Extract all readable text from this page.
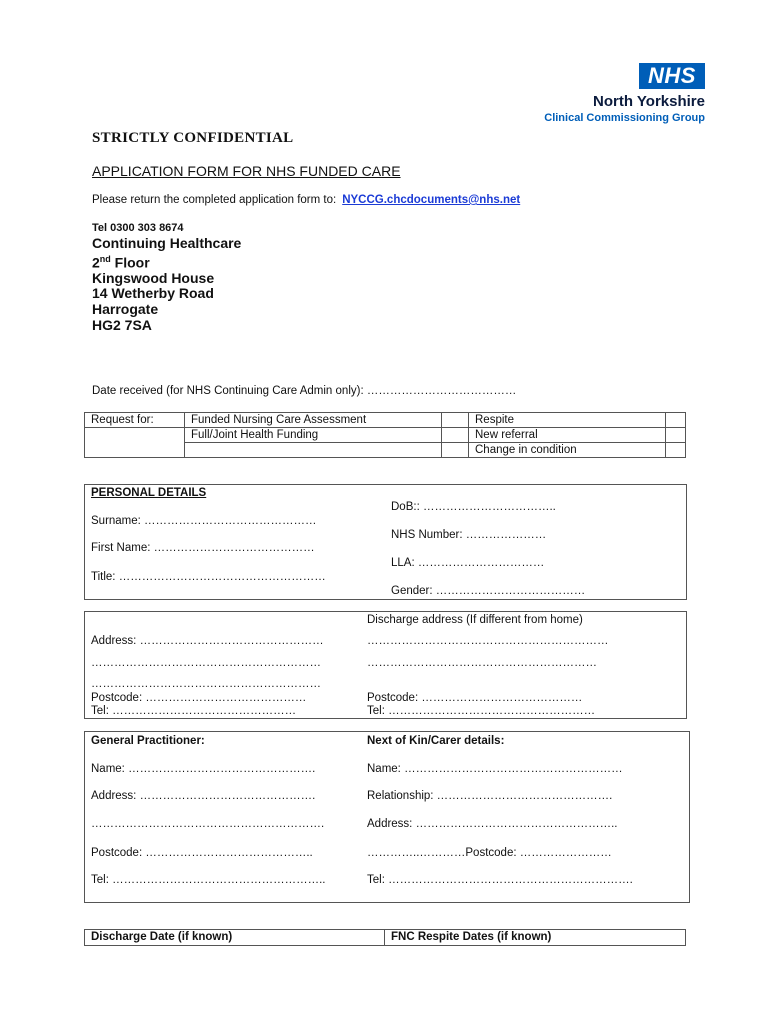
NHS
North Yorkshire
Clinical Commissioning Group
STRICTLY CONFIDENTIAL
APPLICATION FORM FOR NHS FUNDED CARE
Please return the completed application form to: NYCCG.chcdocuments@nhs.net
Tel 0300 303 8674
Continuing Healthcare
2nd Floor
Kingswood House
14 Wetherby Road
Harrogate
HG2 7SA
Date received (for NHS Continuing Care Admin only): …………………………………
Request for:	Funded Nursing Care Assessment		Respite	
	Full/Joint Health Funding		New referral	
			Change in condition	
PERSONAL DETAILS
DoB:: ……………………………..
Surname: ………………………………………
NHS Number: …………………
First Name: ……………………………………
LLA: ……………………………
Title: ………………………………………………
Gender: …………………………………
Discharge address (If different from home)
Address: …………………………………………	………………………………………………………
……………………………………………………	……………………………………………………
……………………………………………………
Postcode: ……………………………………	Postcode: ……………………………………
Tel: …………………………………………	Tel: ………………………………………………
General Practitioner:	Next of Kin/Carer details:
Name: ………………………………………….	Name: …………………………………………………
Address: ……………………………………….	Relationship: ……………………………………….
…………………………………………………….	Address: ……………………………………………..
Postcode: ……………………………………..	…………..…………Postcode: ……………………
Tel: ………………………………………………..	Tel: ……………………………………………………….
Discharge Date (if known)	FNC Respite Dates (if known)
